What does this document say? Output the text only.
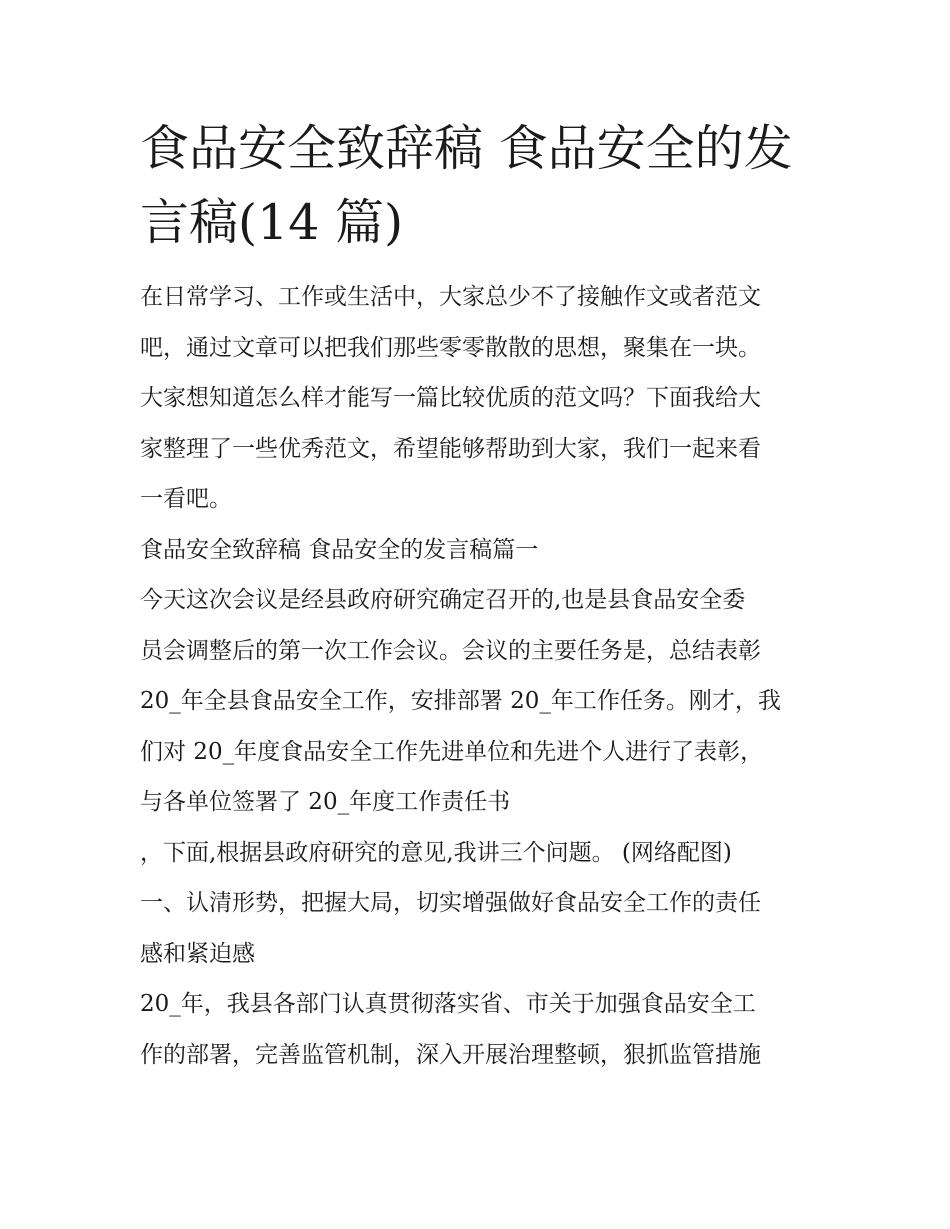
食品安全致辞稿 食品安全的发
言稿(14 篇)

在日常学习、工作或生活中，大家总少不了接触作文或者范文

吧，通过文章可以把我们那些零零散散的思想，聚集在一块。

大家想知道怎么样才能写一篇比较优质的范文吗？下面我给大

家整理了一些优秀范文，希望能够帮助到大家，我们一起来看

一看吧。

食品安全致辞稿 食品安全的发言稿篇一

今天这次会议是经县政府研究确定召开的,也是县食品安全委

员会调整后的第一次工作会议。会议的主要任务是，总结表彰

20_年全县食品安全工作，安排部署 20_年工作任务。刚才，我

们对 20_年度食品安全工作先进单位和先进个人进行了表彰，

与各单位签署了 20_年度工作责任书

，下面,根据县政府研究的意见,我讲三个问题。 (网络配图)

一、认清形势，把握大局，切实增强做好食品安全工作的责任

感和紧迫感

20_年，我县各部门认真贯彻落实省、市关于加强食品安全工

作的部署，完善监管机制，深入开展治理整顿，狠抓监管措施
